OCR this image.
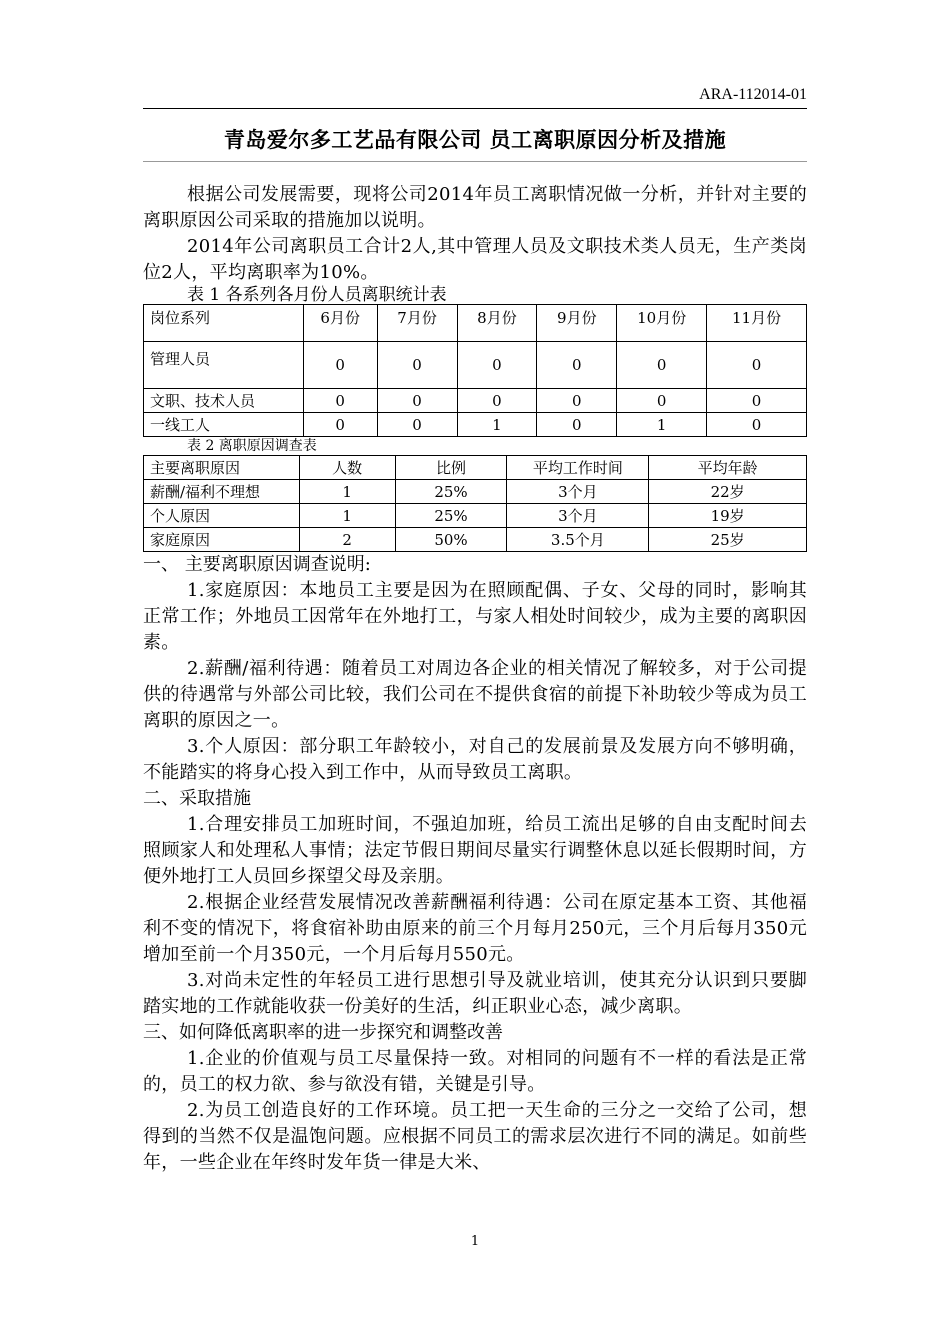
ARA-112014-01
青岛爱尔多工艺品有限公司 员工离职原因分析及措施

根据公司发展需要，现将公司2014年员工离职情况做一分析，并针对主要的离职原因公司采取的措施加以说明。

2014年公司离职员工合计2人,其中管理人员及文职技术类人员无，生产类岗位2人，平均离职率为10%。

表 1 各系列各月份人员离职统计表

岗位系列	6月份	7月份	8月份	9月份	10月份	11月份
管理人员	0	0	0	0	0	0
文职、技术人员	0	0	0	0	0	0
一线工人	0	0	1	0	1	0

表 2 离职原因调查表

主要离职原因	人数	比例	平均工作时间	平均年龄
薪酬/福利不理想	1	25%	3个月	22岁
个人原因	1	25%	3个月	19岁
家庭原因	2	50%	3.5个月	25岁

一、 主要离职原因调查说明:

1.家庭原因：本地员工主要是因为在照顾配偶、子女、父母的同时，影响其正常工作；外地员工因常年在外地打工，与家人相处时间较少，成为主要的离职因素。

2.薪酬/福利待遇：随着员工对周边各企业的相关情况了解较多，对于公司提供的待遇常与外部公司比较，我们公司在不提供食宿的前提下补助较少等成为员工离职的原因之一。

3.个人原因：部分职工年龄较小，对自己的发展前景及发展方向不够明确，不能踏实的将身心投入到工作中，从而导致员工离职。

二、采取措施

1.合理安排员工加班时间，不强迫加班，给员工流出足够的自由支配时间去照顾家人和处理私人事情；法定节假日期间尽量实行调整休息以延长假期时间，方便外地打工人员回乡探望父母及亲朋。

2.根据企业经营发展情况改善薪酬福利待遇：公司在原定基本工资、其他福利不变的情况下，将食宿补助由原来的前三个月每月250元，三个月后每月350元增加至前一个月350元，一个月后每月550元。

3.对尚未定性的年轻员工进行思想引导及就业培训，使其充分认识到只要脚踏实地的工作就能收获一份美好的生活，纠正职业心态，减少离职。

三、如何降低离职率的进一步探究和调整改善

1.企业的价值观与员工尽量保持一致。对相同的问题有不一样的看法是正常的，员工的权力欲、参与欲没有错，关键是引导。

2.为员工创造良好的工作环境。员工把一天生命的三分之一交给了公司，想得到的当然不仅是温饱问题。应根据不同员工的需求层次进行不同的满足。如前些年，一些企业在年终时发年货一律是大米、

1
